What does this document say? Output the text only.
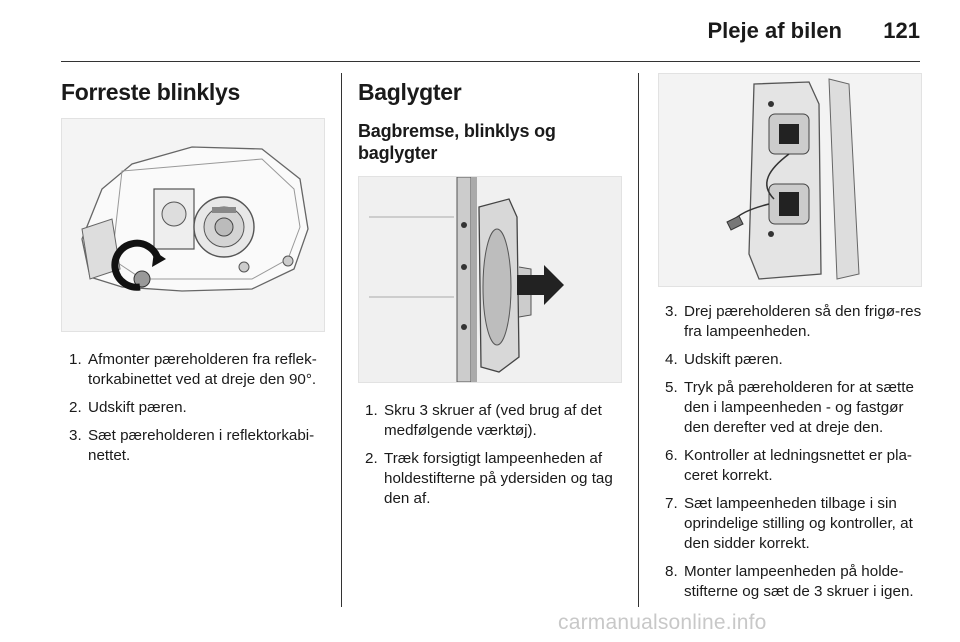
Pleje af bilen 121
Forreste blinklys
1. Afmonter pæreholderen fra reflek-torkabinettet ved at dreje den 90°.
2. Udskift pæren.
3. Sæt pæreholderen i reflektorkabi-nettet.
Baglygter
Bagbremse, blinklys og baglygter
1. Skru 3 skruer af (ved brug af det medfølgende værktøj).
2. Træk forsigtigt lampeenheden af holdestifterne på ydersiden og tag den af.
3. Drej pæreholderen så den frigø-res fra lampeenheden.
4. Udskift pæren.
5. Tryk på pæreholderen for at sætte den i lampeenheden - og fastgør den derefter ved at dreje den.
6. Kontroller at ledningsnettet er pla-ceret korrekt.
7. Sæt lampeenheden tilbage i sin oprindelige stilling og kontroller, at den sidder korrekt.
8. Monter lampeenheden på holde-stifterne og sæt de 3 skruer i igen.
carmanualsonline.info
